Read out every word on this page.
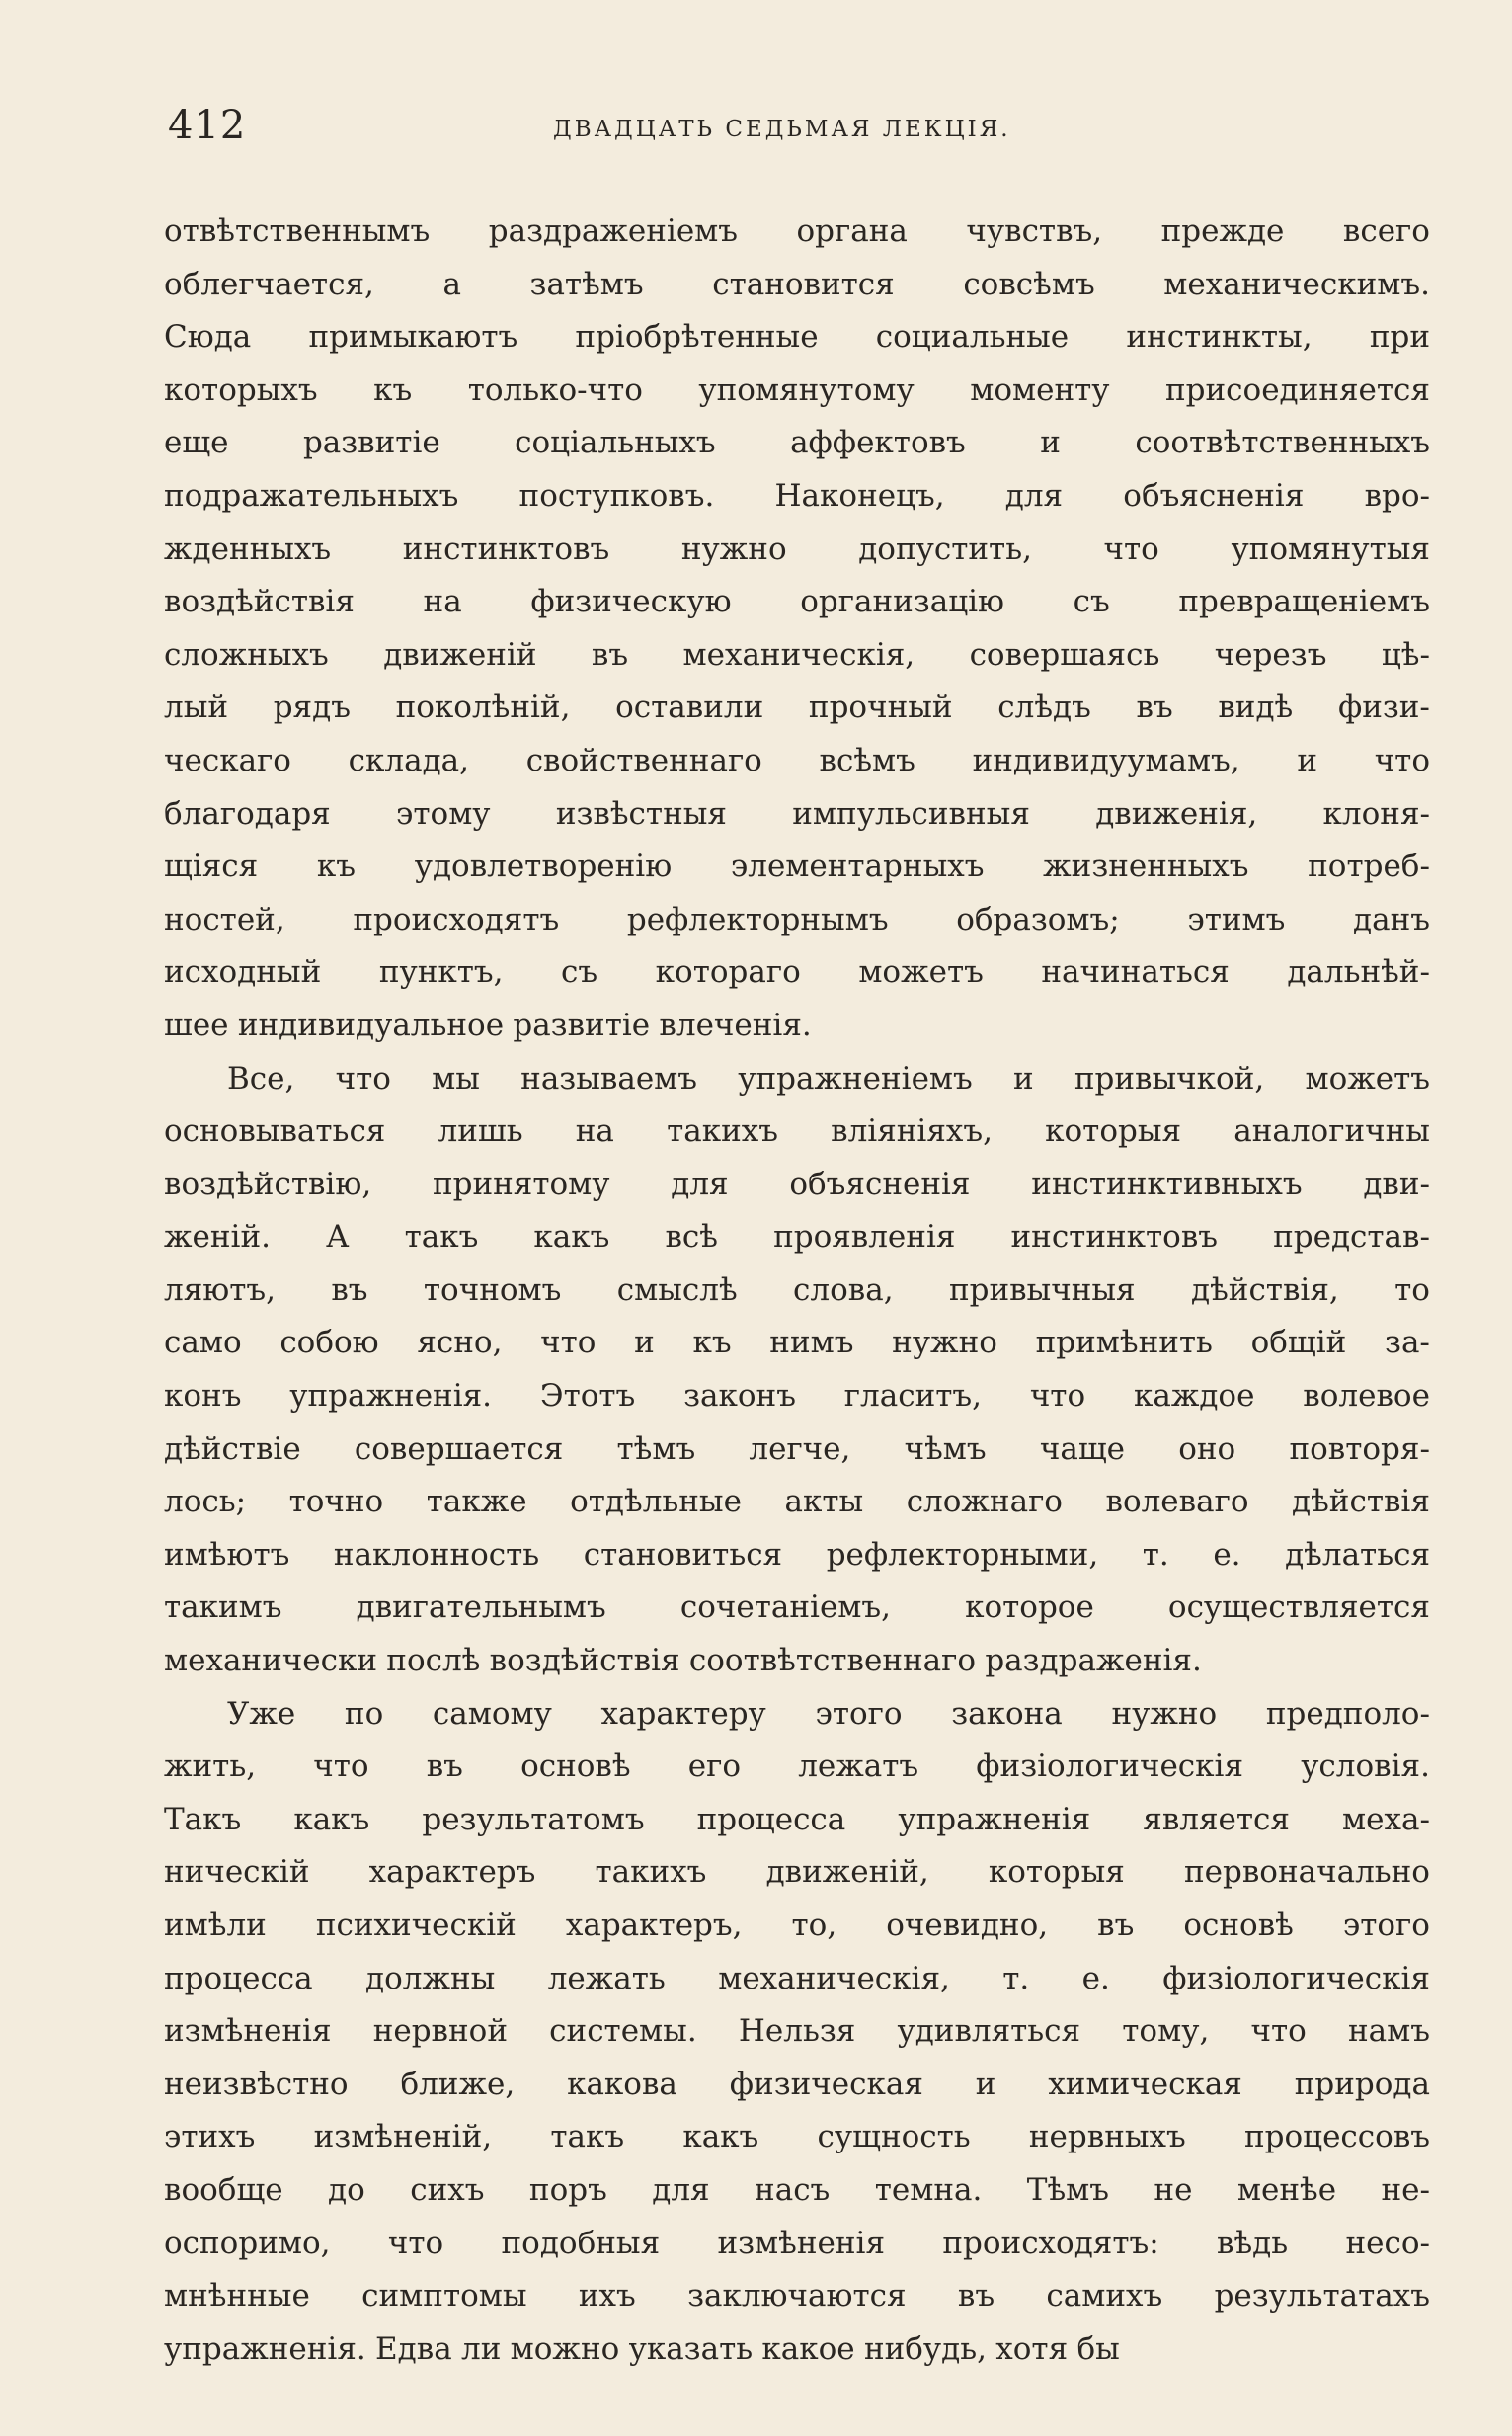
412	ДВАДЦАТЬ СЕДЬМАЯ ЛЕКЦІЯ.
отвѣтственнымъ раздраженіемъ органа чувствъ, прежде всего
облегчается, а затѣмъ становится совсѣмъ механическимъ.
Сюда примыкаютъ пріобрѣтенные социальные инстинкты, при
которыхъ къ только-что упомянутому моменту присоединяется
еще развитіе соціальныхъ аффектовъ и соотвѣтственныхъ
подражательныхъ поступковъ. Наконецъ, для объясненія вро-
жденныхъ инстинктовъ нужно допустить, что упомянутыя
воздѣйствія на физическую организацію съ превращеніемъ
сложныхъ движеній въ механическія, совершаясь черезъ цѣ-
лый рядъ поколѣній, оставили прочный слѣдъ въ видѣ физи-
ческаго склада, свойственнаго всѣмъ индивидуумамъ, и что
благодаря этому извѣстныя импульсивныя движенія, клоня-
щіяся къ удовлетворенію элементарныхъ жизненныхъ потреб-
ностей, происходятъ рефлекторнымъ образомъ; этимъ данъ
исходный пунктъ, съ котораго можетъ начинаться дальнѣй-
шее индивидуальное развитіе влеченія.
Все, что мы называемъ упражненіемъ и привычкой, можетъ
основываться лишь на такихъ вліяніяхъ, которыя аналогичны
воздѣйствію, принятому для объясненія инстинктивныхъ дви-
женій. А такъ какъ всѣ проявленія инстинктовъ представ-
ляютъ, въ точномъ смыслѣ слова, привычныя дѣйствія, то
само собою ясно, что и къ нимъ нужно примѣнить общій за-
конъ упражненія. Этотъ законъ гласитъ, что каждое волевое
дѣйствіе совершается тѣмъ легче, чѣмъ чаще оно повторя-
лось; точно также отдѣльные акты сложнаго волеваго дѣйствія
имѣютъ наклонность становиться рефлекторными, т. е. дѣлаться
такимъ двигательнымъ сочетаніемъ, которое осуществляется
механически послѣ воздѣйствія соотвѣтственнаго раздраженія.
Уже по самому характеру этого закона нужно предполо-
жить, что въ основѣ его лежатъ физіологическія условія.
Такъ какъ результатомъ процесса упражненія является меха-
ническій характеръ такихъ движеній, которыя первоначально
имѣли психическій характеръ, то, очевидно, въ основѣ этого
процесса должны лежать механическія, т. е. физіологическія
измѣненія нервной системы. Нельзя удивляться тому, что намъ
неизвѣстно ближе, какова физическая и химическая природа
этихъ измѣненій, такъ какъ сущность нервныхъ процессовъ
вообще до сихъ поръ для насъ темна. Тѣмъ не менѣе не-
оспоримо, что подобныя измѣненія происходятъ: вѣдь несо-
мнѣнные симптомы ихъ заключаются въ самихъ результатахъ
упражненія. Едва ли можно указать какое нибудь, хотя бы
